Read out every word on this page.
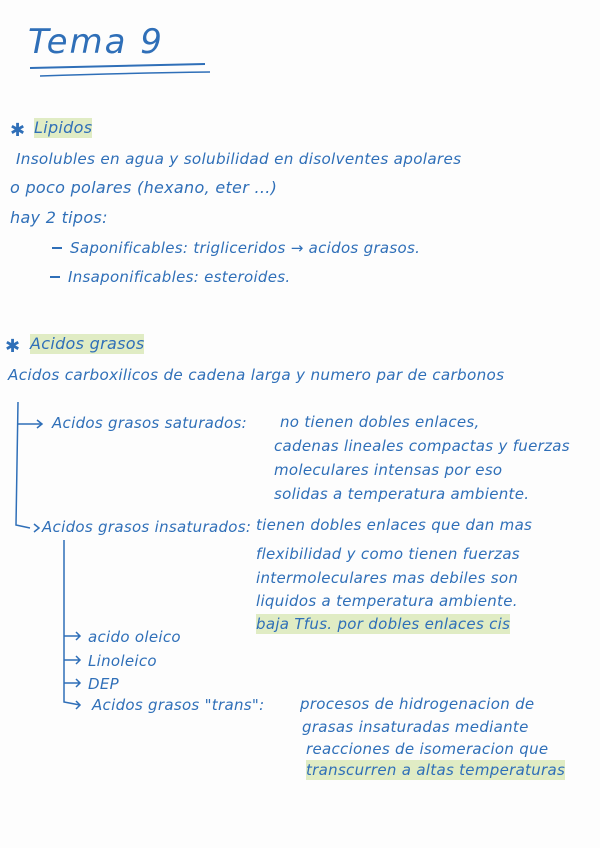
✱
✱
Tema 9
Lipidos
Insolubles en agua y solubilidad en disolventes apolares
o poco polares (hexano, eter ...)
hay 2 tipos:
Saponificables: trigliceridos → acidos grasos.
Insaponificables: esteroides.
Acidos grasos
Acidos carboxilicos de cadena larga y numero par de carbonos
Acidos grasos saturados: no tienen dobles enlaces,
cadenas lineales compactas y fuerzas
moleculares intensas por eso
solidas a temperatura ambiente.
Acidos grasos insaturados: tienen dobles enlaces que dan mas
flexibilidad y como tienen fuerzas
intermoleculares mas debiles son
liquidos a temperatura ambiente.
baja Tfus. por dobles enlaces cis
acido oleico
Linoleico
DEP
Acidos grasos "trans": procesos de hidrogenacion de
grasas insaturadas mediante
reacciones de isomeracion que
transcurren a altas temperaturas
